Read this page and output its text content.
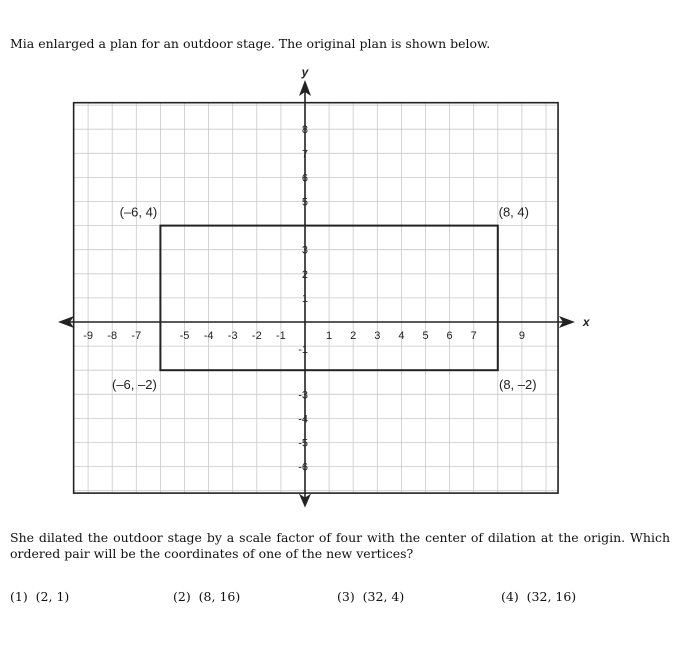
Mia enlarged a plan for an outdoor stage. The original plan is shown below.

-9 -8 -7	-5 -4 -3 -2 -1	1 2 3 4 5 6 7	9
8
7
6
5
3
2
1
-1
-3
-4
-5
-6
(–6, 4)	(8, 4)
(–6, –2)	(8, –2)
x
y

She dilated the outdoor stage by a scale factor of four with the center of dilation at the origin. Which ordered pair will be the coordinates of one of the new vertices?

(1) (2, 1)	(2) (8, 16)	(3) (32, 4)	(4) (32, 16)
